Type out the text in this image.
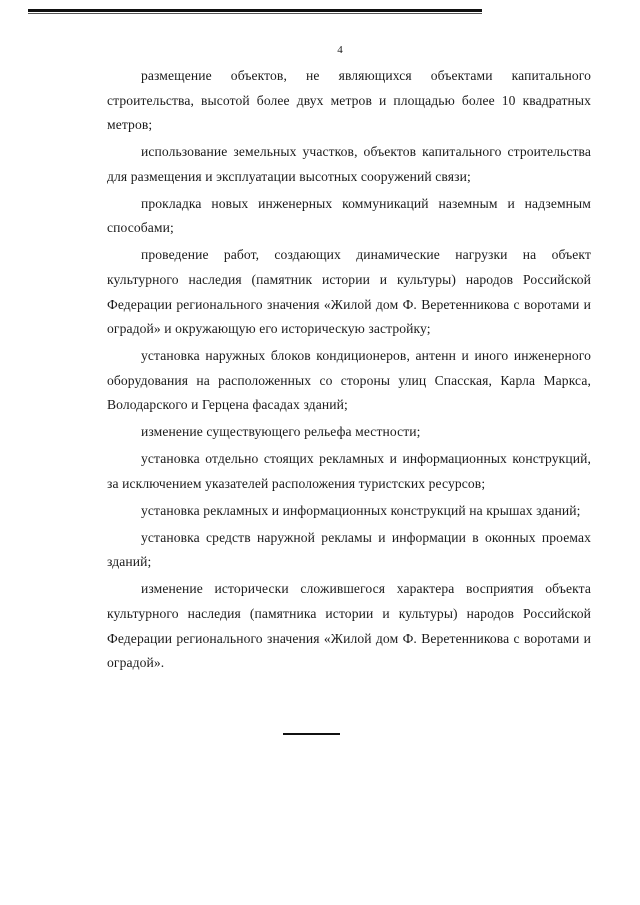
4

размещение объектов, не являющихся объектами капитального строительства, высотой более двух метров и площадью более 10 квадратных метров;

использование земельных участков, объектов капитального строительства для размещения и эксплуатации высотных сооружений связи;

прокладка новых инженерных коммуникаций наземным и надземным способами;

проведение работ, создающих динамические нагрузки на объект культурного наследия (памятник истории и культуры) народов Российской Федерации регионального значения «Жилой дом Ф. Веретенникова с воротами и оградой» и окружающую его историческую застройку;

установка наружных блоков кондиционеров, антенн и иного инженерного оборудования на расположенных со стороны улиц Спасская, Карла Маркса, Володарского и Герцена фасадах зданий;

изменение существующего рельефа местности;

установка отдельно стоящих рекламных и информационных конструкций, за исключением указателей расположения туристских ресурсов;

установка рекламных и информационных конструкций на крышах зданий;

установка средств наружной рекламы и информации в оконных проемах зданий;

изменение исторически сложившегося характера восприятия объекта культурного наследия (памятника истории и культуры) народов Российской Федерации регионального значения «Жилой дом Ф. Веретенникова с воротами и оградой».
